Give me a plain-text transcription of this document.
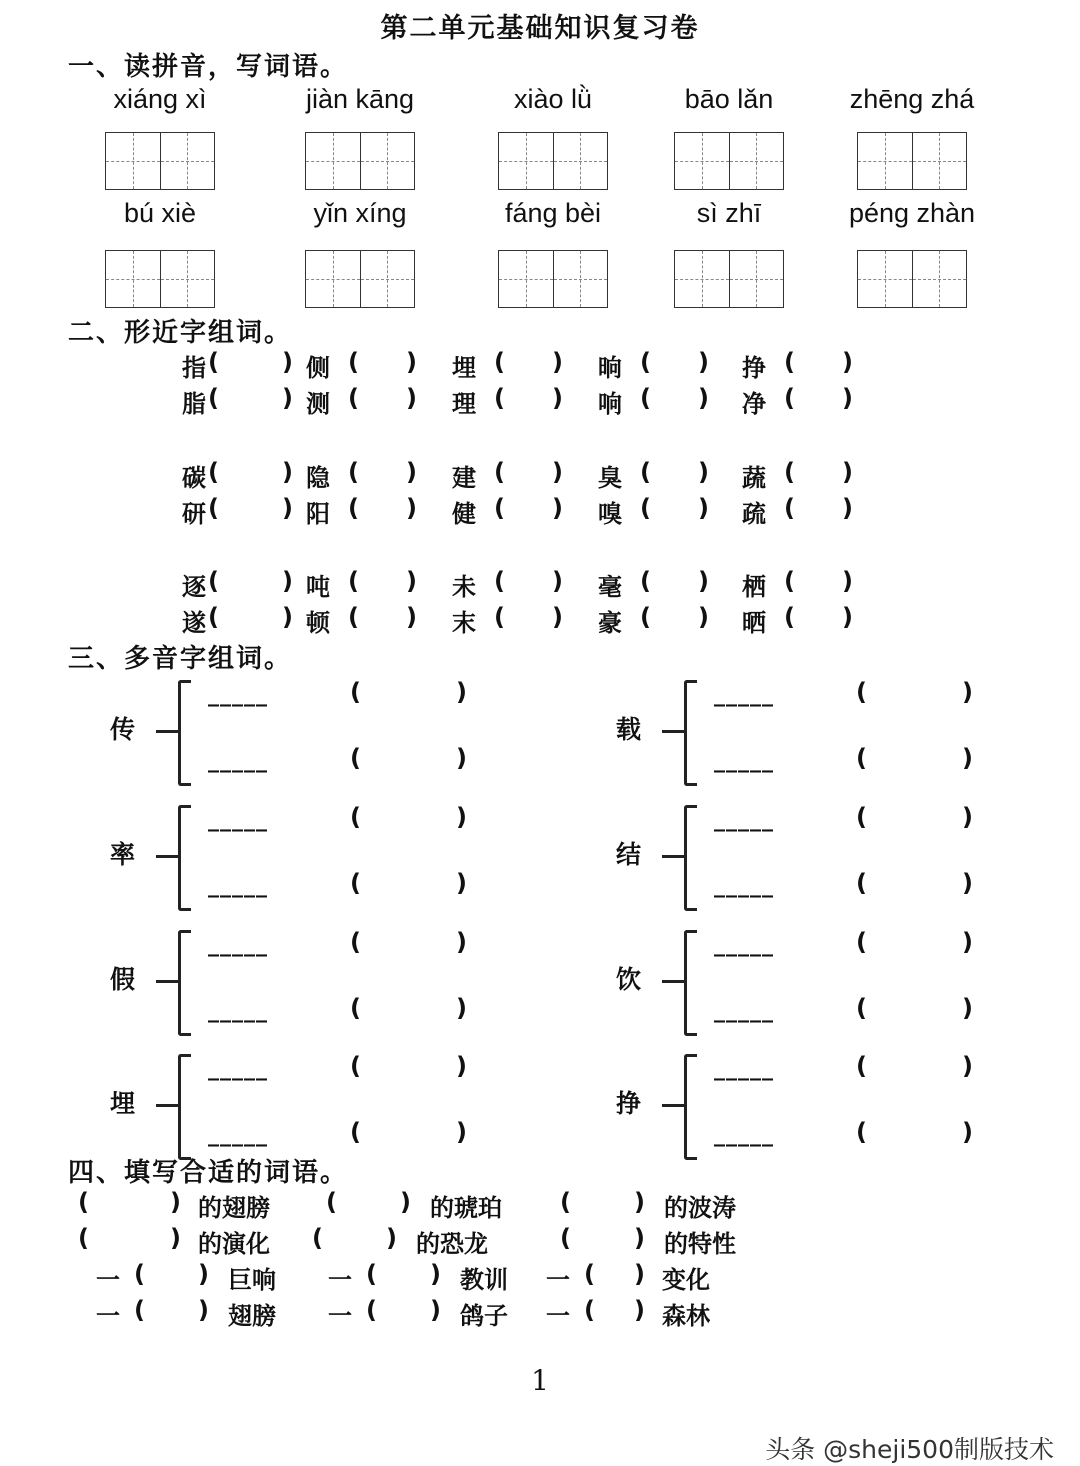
第二单元基础知识复习卷
一、读拼音，写词语。
xiáng xì	jiàn kāng	xiào lǜ	bāo lǎn	zhēng zhá
bú xiè	yǐn xíng	fáng bèi	sì zhī	péng zhàn
二、形近字组词。
指 (	) 侧 ( ) 埋 ( ) 晌 ( ) 挣 ( )
脂 (	) 测 ( ) 理 ( ) 响 ( ) 净 ( )
碳 (	) 隐 ( ) 建 ( ) 臭 ( ) 蔬 ( )
研 (	) 阳 ( ) 健 ( ) 嗅 ( ) 疏 ( )
逐 (	) 吨 ( ) 未 ( ) 毫 ( ) 栖 ( )
遂 (	) 顿 ( ) 末 ( ) 豪 ( ) 晒 ( )
三、多音字组词。
传
_____	(	)
_____	(	)
率
_____	(	)
_____	(	)
假
_____	(	)
_____	(	)
埋
_____	(	)
_____	(	)
载
_____	(	)
_____	(	)
结
_____	(	)
_____	(	)
饮
_____	(	)
_____	(	)
挣
_____	(	)
_____	(	)
四、填写合适的词语。
(	) 的翅膀 (	) 的琥珀 (	) 的波涛
(	) 的演化 (	) 的恐龙	(	) 的特性
一 ( ) 巨响 一 ( ) 教训 一 ( ) 变化
一 ( ) 翅膀 一 ( ) 鸽子 一 ( ) 森林
1
头条 @sheji500制版技术
